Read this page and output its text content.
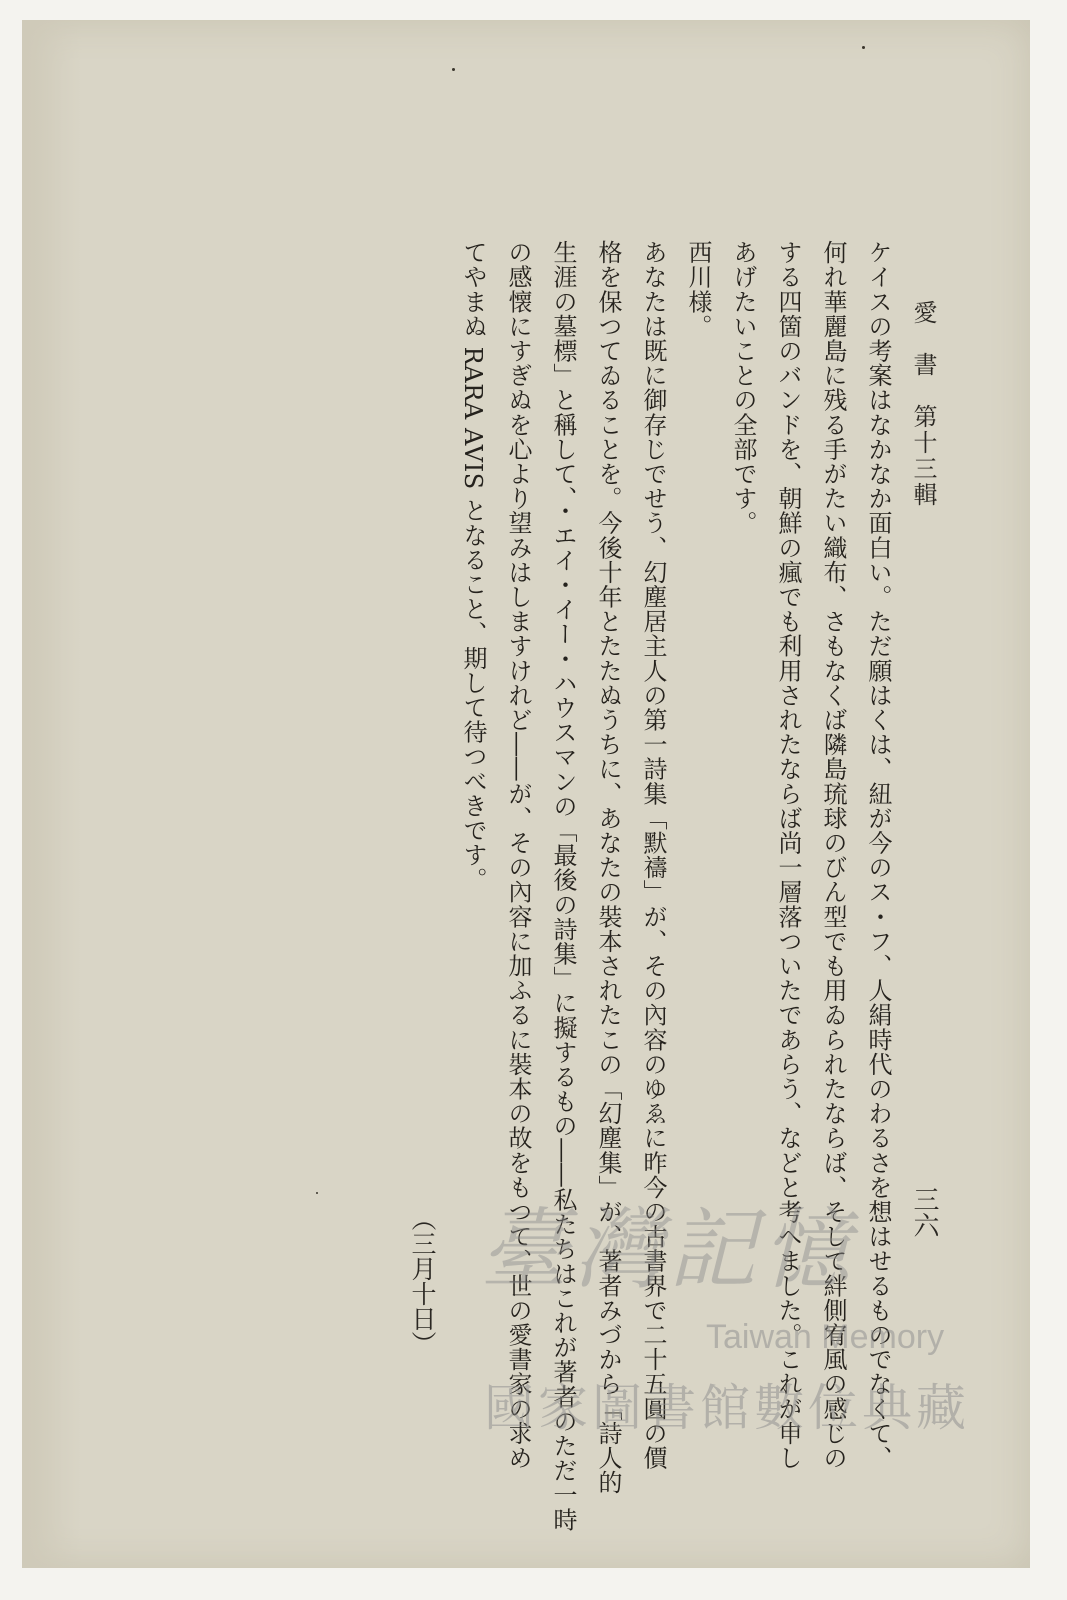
愛　書　第十三輯
三六
ケイスの考案はなかなか面白い。ただ願はくは、紐が今のス・フ、人絹時代のわるさを想はせるものでなくて、
何れ華麗島に残る手がたい織布、さもなくば隣島琉球のびん型でも用ゐられたならば、そして絆側宥風の感じの
する四箇のバンドを、朝鮮の瘋でも利用されたならば尚一層落ついたであらう、などと考へました。これが申し
あげたいことの全部です。
西川様。
あなたは既に御存じでせう、幻塵居主人の第一詩集「默禱」が、その內容のゆゑに昨今の古書界で二十五圓の價
格を保つてゐることを。今後十年とたたぬうちに、あなたの裝本されたこの「幻塵集」が、著者みづから「詩人的
生涯の墓標」と稱して、・エイ・イー・ハウスマンの「最後の詩集」に擬するもの――私たちはこれが著者のただ一時
の感懐にすぎぬを心より望みはしますけれど――が、その內容に加ふるに裝本の故をもつて、世の愛書家の求め
てやまぬ RARA AVIS となること、期して待つべきです。
（三月十日） 臺灣記憶
Taiwan Memory
國家圖書館數位典藏
